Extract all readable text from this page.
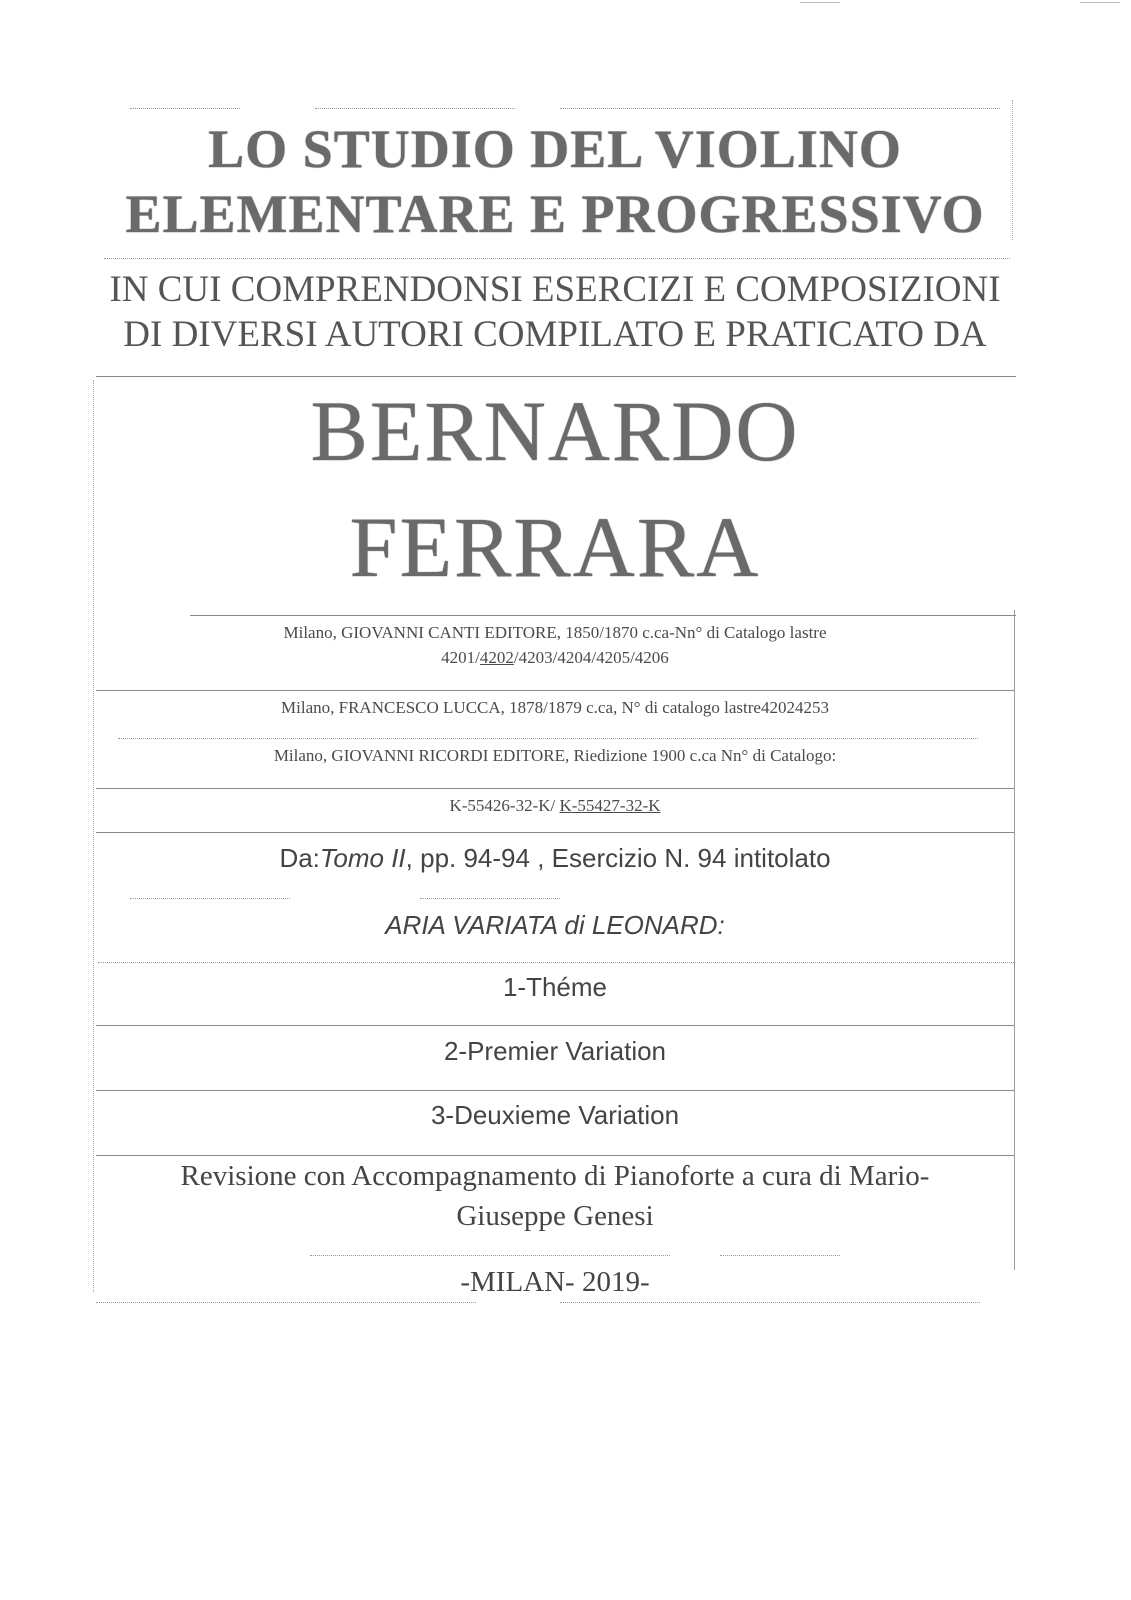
LO STUDIO DEL VIOLINO
ELEMENTARE E PROGRESSIVO
IN CUI COMPRENDONSI ESERCIZI E COMPOSIZIONI
DI DIVERSI AUTORI COMPILATO E PRATICATO DA
BERNARDO
FERRARA
Milano, GIOVANNI CANTI EDITORE, 1850/1870 c.ca-Nn° di Catalogo lastre
4201/4202/4203/4204/4205/4206
Milano, FRANCESCO LUCCA, 1878/1879 c.ca, N° di catalogo lastre42024253
Milano, GIOVANNI RICORDI EDITORE, Riedizione 1900 c.ca Nn° di Catalogo:
K-55426-32-K/ K-55427-32-K
Da:Tomo II, pp. 94-94 , Esercizio N. 94 intitolato
ARIA VARIATA di LEONARD:
1-Théme
2-Premier Variation
3-Deuxieme Variation
Revisione con Accompagnamento di Pianoforte a cura di Mario-
Giuseppe Genesi
-MILAN- 2019-
